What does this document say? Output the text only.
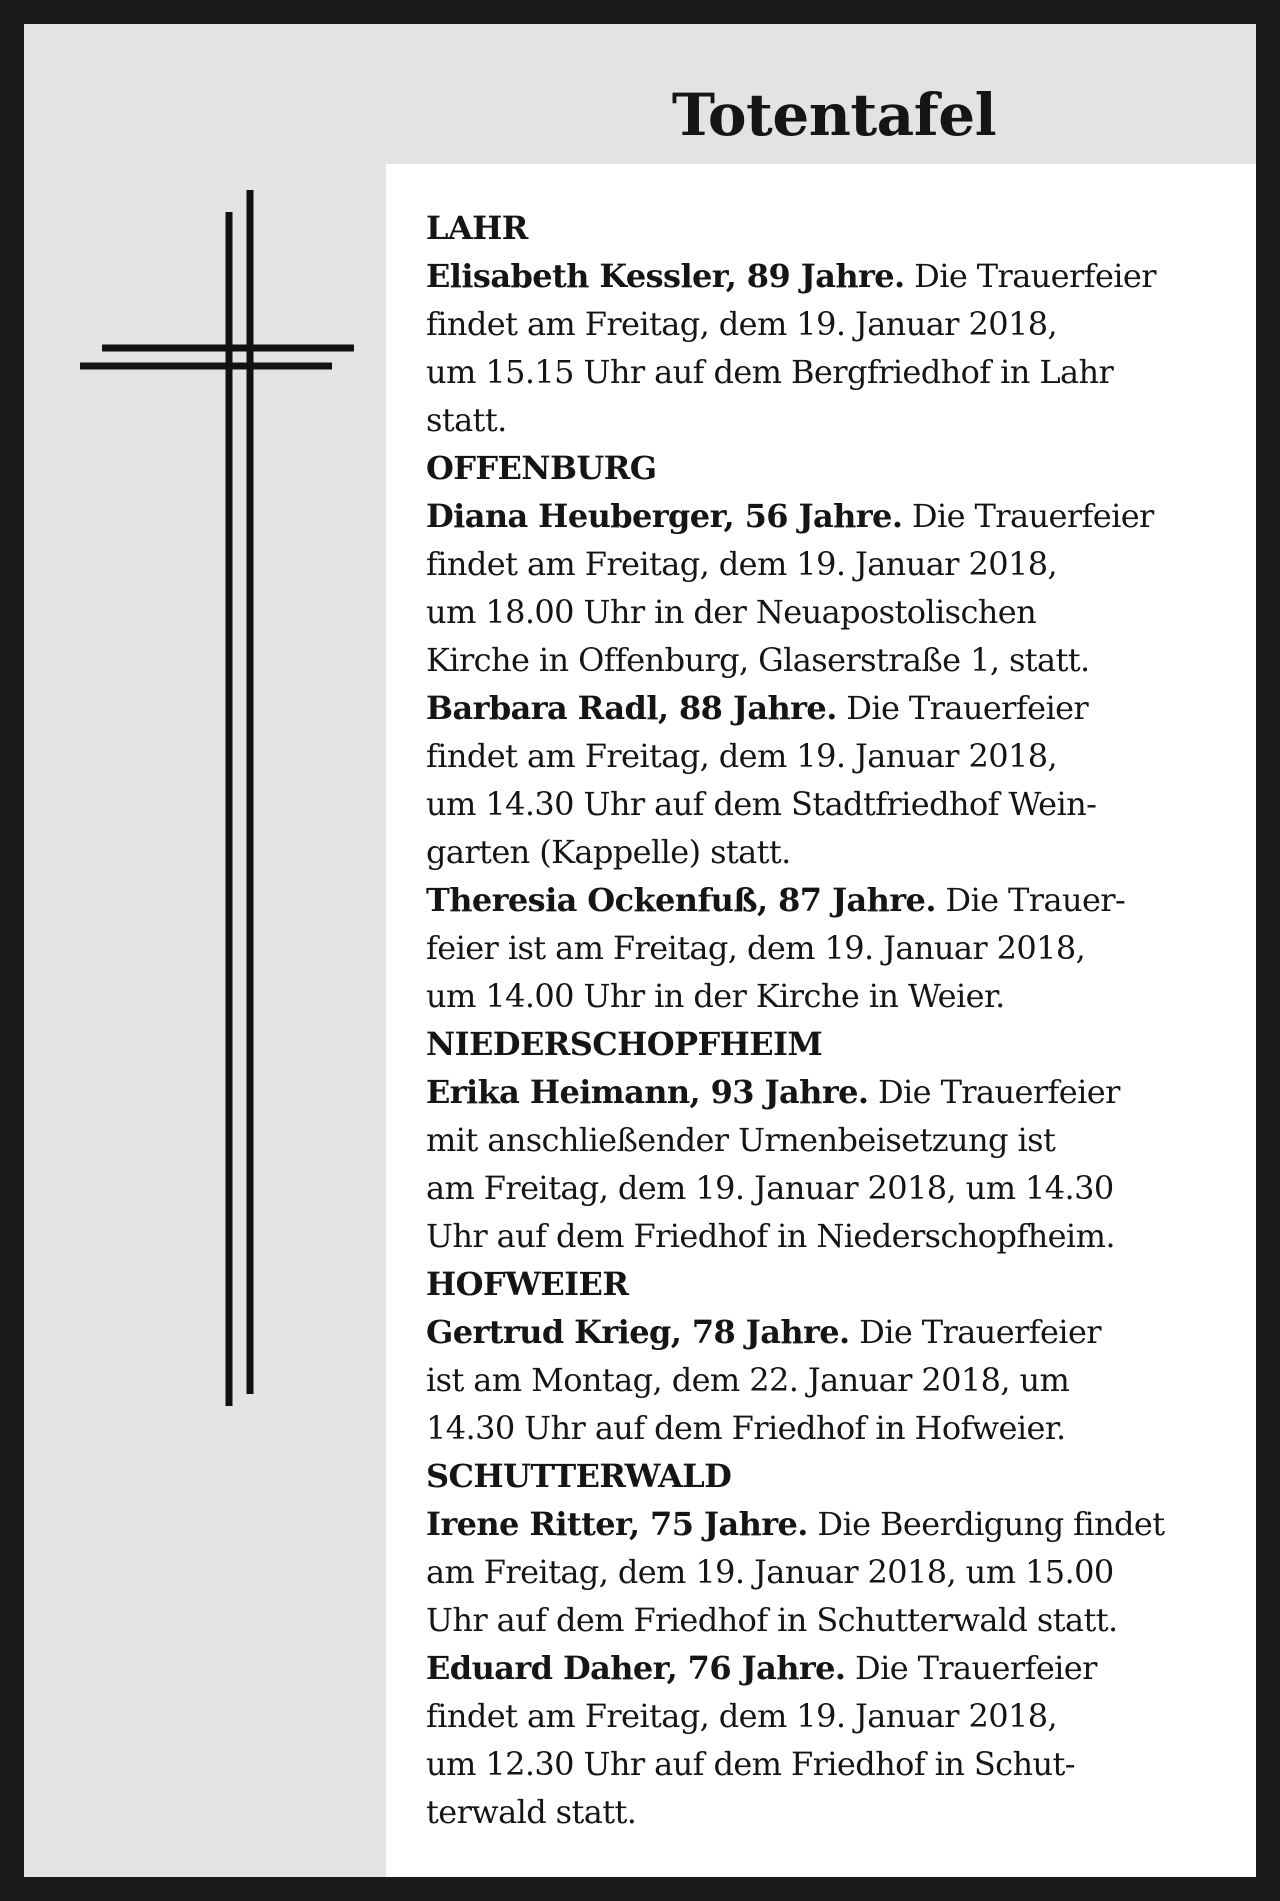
Totentafel
LAHR
Elisabeth Kessler, 89 Jahre. Die Trauerfeier
findet am Freitag, dem 19. Januar 2018,
um 15.15 Uhr auf dem Bergfriedhof in Lahr
statt.
OFFENBURG
Diana Heuberger, 56 Jahre. Die Trauerfeier
findet am Freitag, dem 19. Januar 2018,
um 18.00 Uhr in der Neuapostolischen
Kirche in Offenburg, Glaserstraße 1, statt.
Barbara Radl, 88 Jahre. Die Trauerfeier
findet am Freitag, dem 19. Januar 2018,
um 14.30 Uhr auf dem Stadtfriedhof Wein-
garten (Kappelle) statt.
Theresia Ockenfuß, 87 Jahre. Die Trauer-
feier ist am Freitag, dem 19. Januar 2018,
um 14.00 Uhr in der Kirche in Weier.
NIEDERSCHOPFHEIM
Erika Heimann, 93 Jahre. Die Trauerfeier
mit anschließender Urnenbeisetzung ist
am Freitag, dem 19. Januar 2018, um 14.30
Uhr auf dem Friedhof in Niederschopfheim.
HOFWEIER
Gertrud Krieg, 78 Jahre. Die Trauerfeier
ist am Montag, dem 22. Januar 2018, um
14.30 Uhr auf dem Friedhof in Hofweier.
SCHUTTERWALD
Irene Ritter, 75 Jahre. Die Beerdigung findet
am Freitag, dem 19. Januar 2018, um 15.00
Uhr auf dem Friedhof in Schutterwald statt.
Eduard Daher, 76 Jahre. Die Trauerfeier
findet am Freitag, dem 19. Januar 2018,
um 12.30 Uhr auf dem Friedhof in Schut-
terwald statt.
